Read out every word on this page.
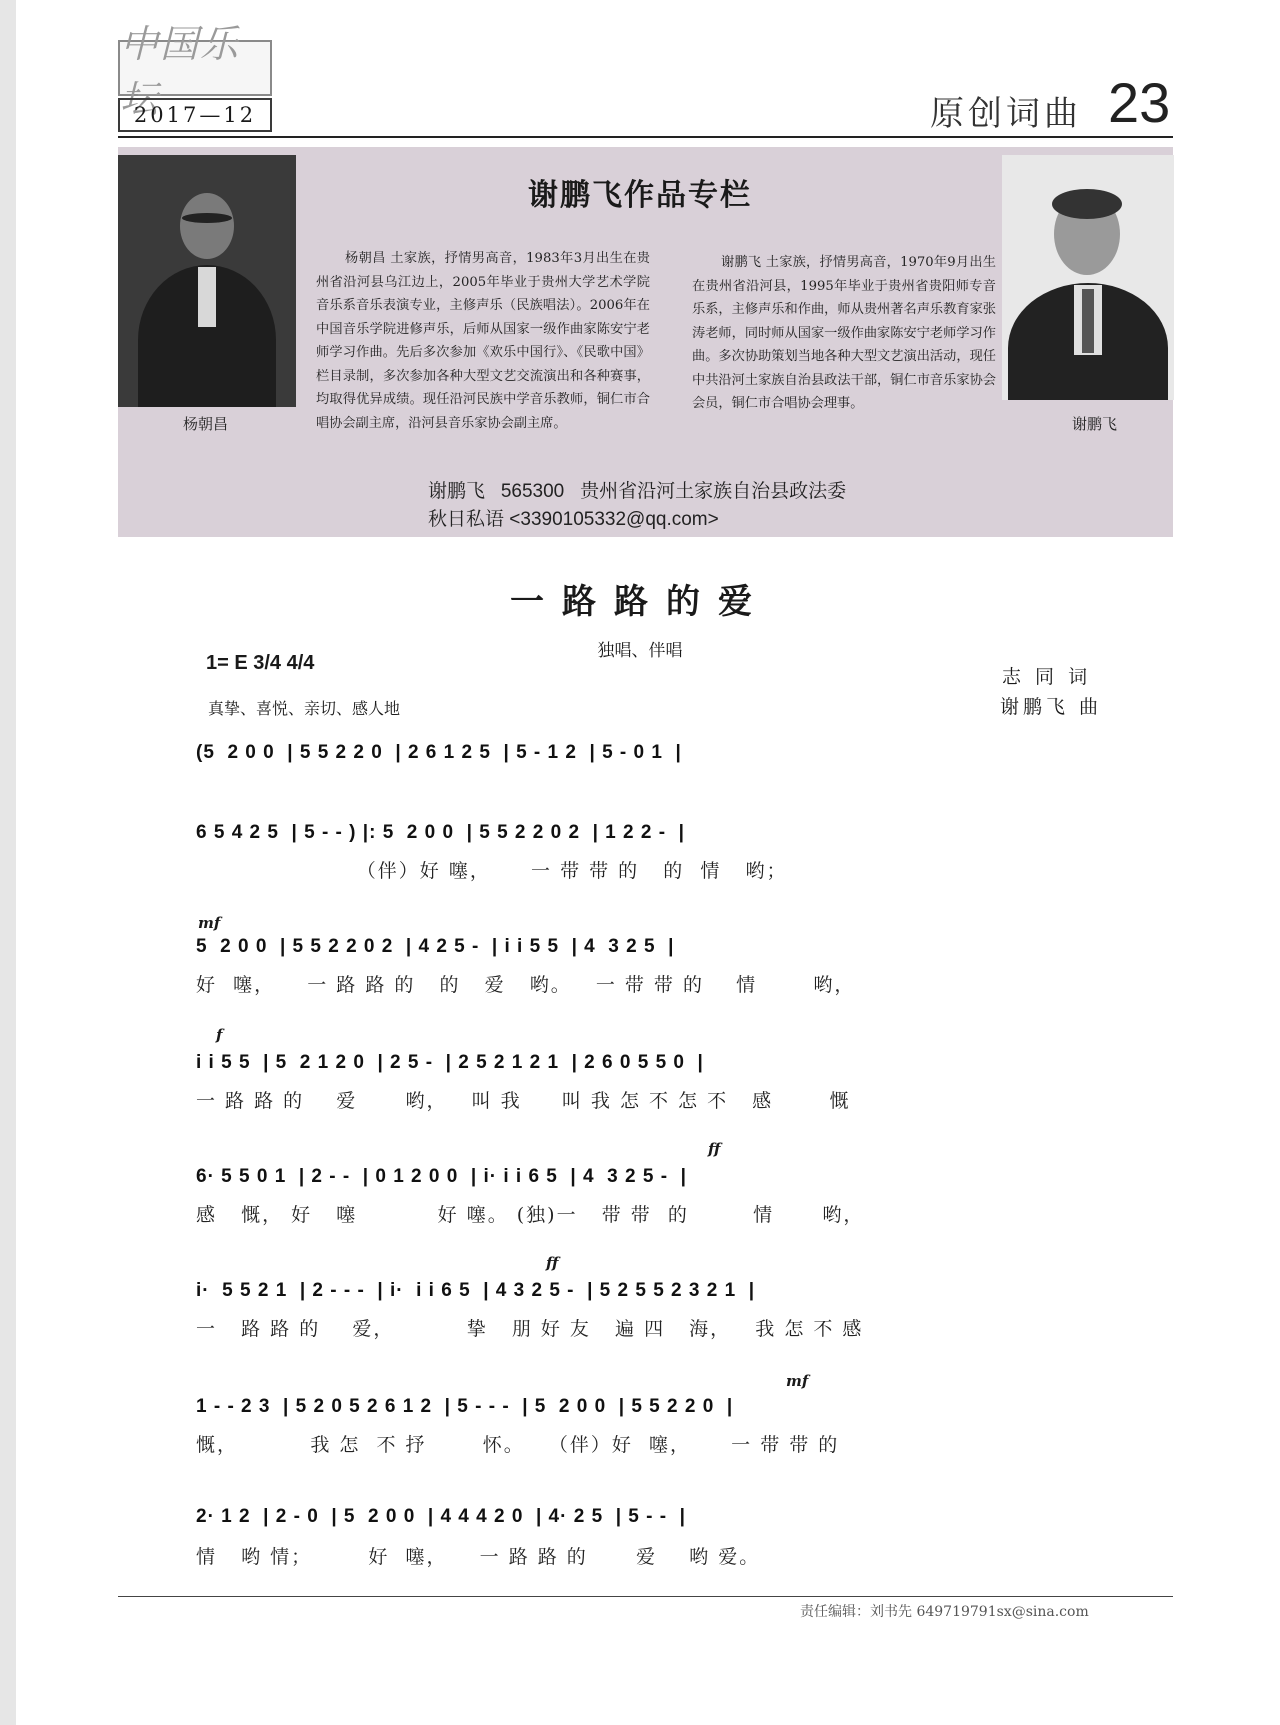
中国乐坛
2017—12	原创词曲 23
杨朝昌	谢鹏飞
谢鹏飞作品专栏
杨朝昌 土家族，抒情男高音，1983年3月出生在贵州省沿河县乌江边上，2005年毕业于贵州大学艺术学院音乐系音乐表演专业，主修声乐（民族唱法）。2006年在中国音乐学院进修声乐，后师从国家一级作曲家陈安宁老师学习作曲。先后多次参加《欢乐中国行》、《民歌中国》栏目录制，多次参加各种大型文艺交流演出和各种赛事，均取得优异成绩。现任沿河民族中学音乐教师，铜仁市合唱协会副主席，沿河县音乐家协会副主席。
谢鹏飞 土家族，抒情男高音，1970年9月出生在贵州省沿河县，1995年毕业于贵州省贵阳师专音乐系，主修声乐和作曲，师从贵州著名声乐教育家张涛老师，同时师从国家一级作曲家陈安宁老师学习作曲。多次协助策划当地各种大型文艺演出活动，现任中共沿河土家族自治县政法干部，铜仁市音乐家协会会员，铜仁市合唱协会理事。
谢鹏飞   565300   贵州省沿河土家族自治县政法委
秋日私语 <3390105332@qq.com>
一路路的爱
独唱、伴唱
1= E 3/4 4/4
志 同 词
谢鹏飞 曲
真挚、喜悦、亲切、感人地
(5  2 0 0  | 5 5 2 2 0  | 2 6 1 2 5  | 5 - 1 2  | 5 - 0 1  |
6 5 4 2 5  | 5 - - ) |: 5  2 0 0  | 5 5 2 2 0 2  | 1 2 2 -  |
（伴）好 噻，     一 带 带 的   的  情   哟；
mf
5  2 0 0  | 5 5 2 2 0 2  | 4 2 5 -  | i i 5 5  | 4  3 2 5  |
好  噻，    一 路 路 的   的   爱   哟。   一 带 带 的    情       哟，
f
i i 5 5  | 5  2 1 2 0  | 2 5 -  | 2 5 2 1 2 1  | 2 6 0 5 5 0  |
一 路 路 的    爱      哟，   叫 我     叫 我 怎 不 怎 不   感       慨
ff
6· 5 5 0 1  | 2 - -  | 0 1 2 0 0  | i· i i 6 5  | 4  3 2 5 -  |
感   慨， 好   噻          好 噻。 (独)一   带 带  的        情      哟，
ff
i·  5 5 2 1  | 2 - - -  | i·  i i 6 5  | 4 3 2 5 -  | 5 2 5 5 2 3 2 1  |
一   路 路 的    爱，         挚   朋 好 友   遍 四   海，   我 怎 不 感
mf
1 - - 2 3  | 5 2 0 5 2 6 1 2  | 5 - - -  | 5  2 0 0  | 5 5 2 2 0  |
慨，         我 怎  不 抒       怀。   （伴）好  噻，     一 带 带 的
2· 1 2  | 2 - 0  | 5  2 0 0  | 4 4 4 2 0  | 4· 2 5  | 5 - -  |
情   哟 情；       好  噻，    一 路 路 的      爱    哟 爱。
责任编辑：刘书先 649719791sx@sina.com
